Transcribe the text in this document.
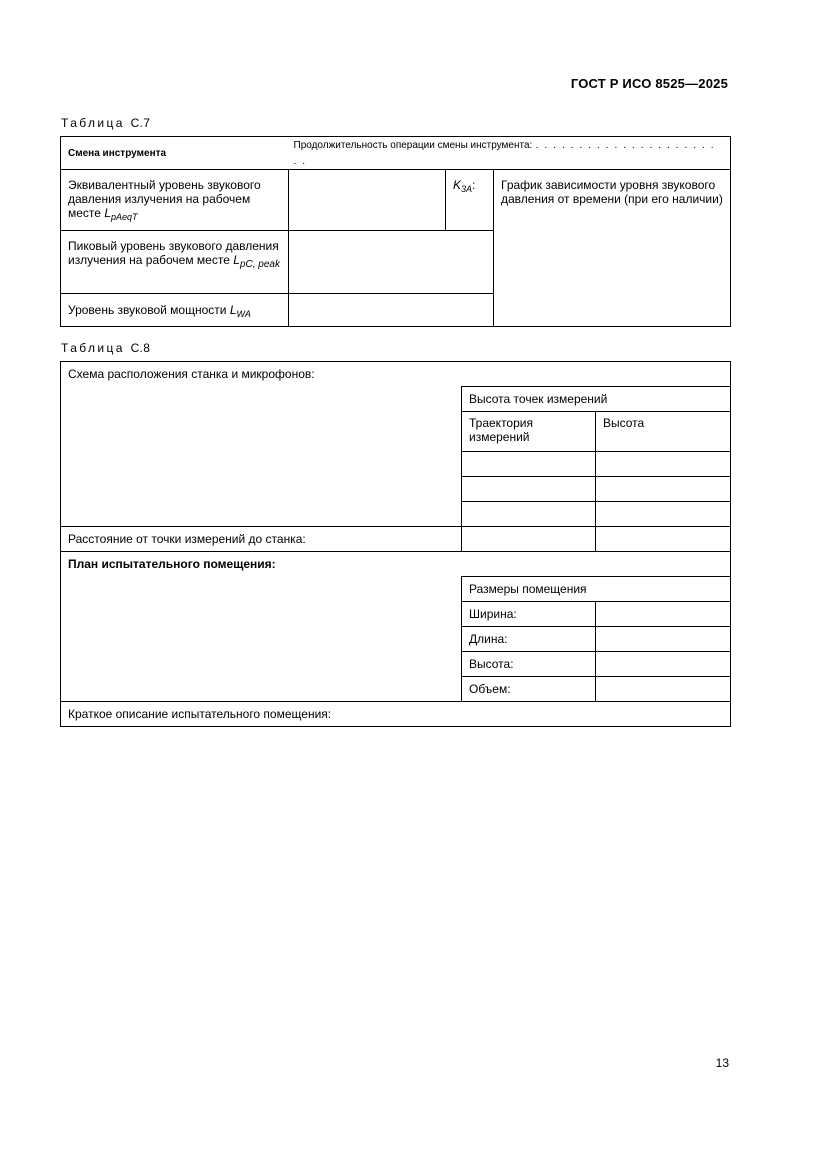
ГОСТ Р ИСО 8525—2025
Таблица С.7
Смена инструмента	Продолжительность операции смены инструмента: . . . . . . . . . . . . . . . . . . . . . . .		
Эквивалентный уровень звукового давления излучения на рабочем месте $L_{pAeqT}$		$K_{3A}$:	График зависимости уровня звукового давления от времени (при его наличии)
Пиковый уровень звукового давления излучения на рабочем месте $L_{pC, peak}$	
Уровень звуковой мощности $L_{WA}$	
Таблица С.8
Схема расположения станка и микрофонов:		
	Высота точек измерений	
	Траектория измерений	Высота

Расстояние от точки измерений до станка:		
План испытательного помещения:		
	Размеры помещения	
	Ширина:	
	Длина:	
	Высота:	
	Объем:	
Краткое описание испытательного помещения:		
13
